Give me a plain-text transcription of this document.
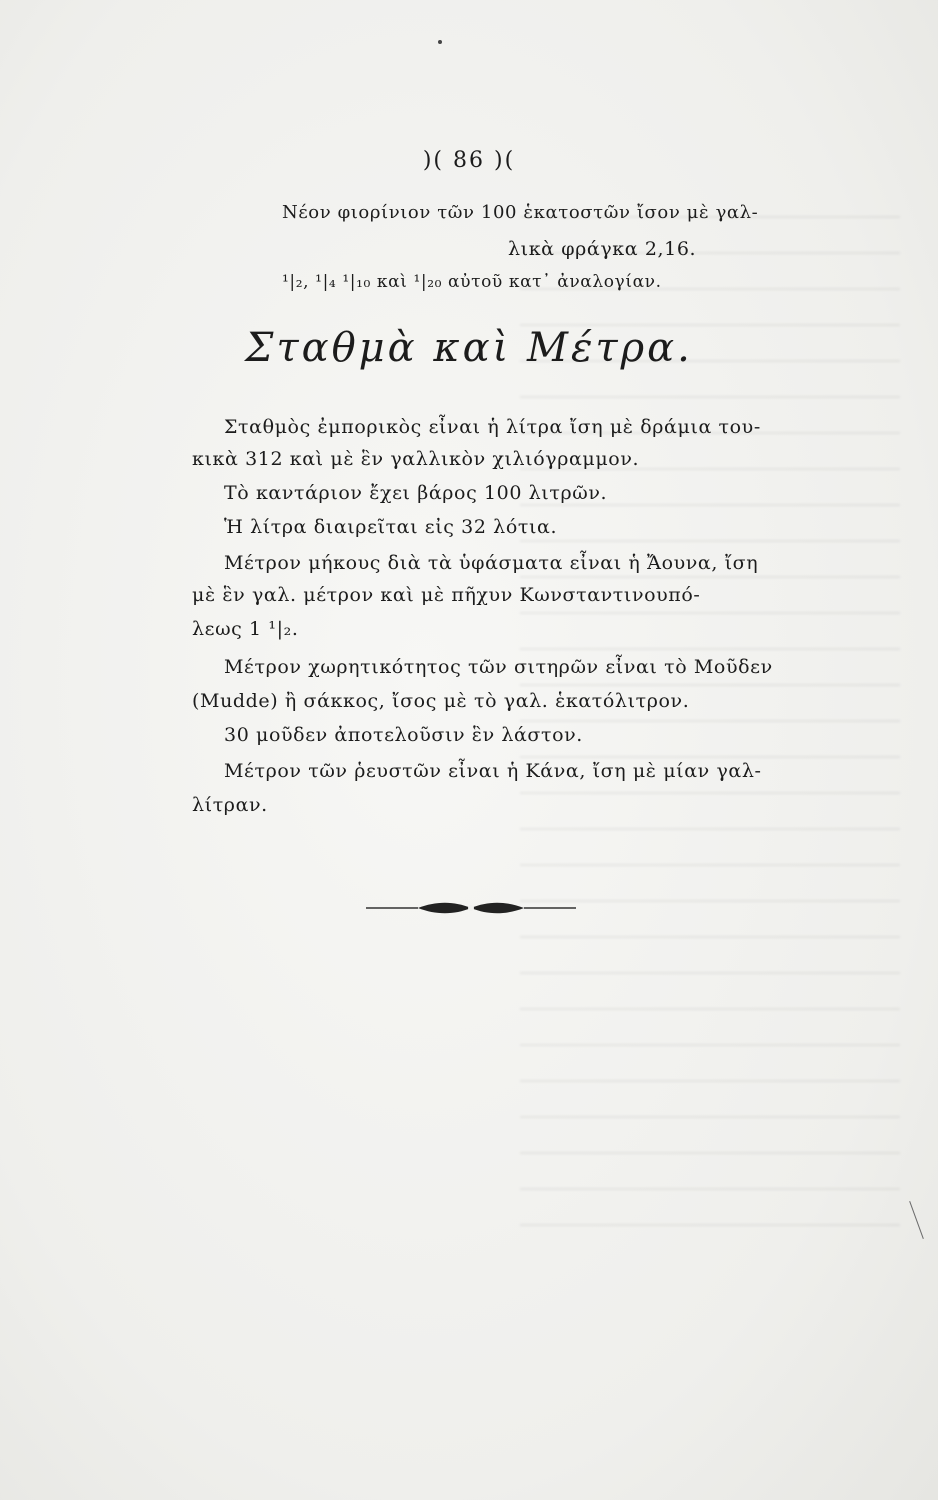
)( 86 )(
Νέον φιορίνιον τῶν 100 ἑκατοστῶν ἴσον μὲ γαλ-
λικὰ φράγκα 2,16.
¹|₂, ¹|₄ ¹|₁₀ καὶ ¹|₂₀ αὐτοῦ κατ᾽ ἀναλογίαν.
Σταθμὰ καὶ Μέτρα.
Σταθμὸς ἐμπορικὸς εἶναι ἡ λίτρα ἴση μὲ δράμια του-
κικὰ 312 καὶ μὲ ἓν γαλλικὸν χιλιόγραμμον.
Τὸ καντάριον ἔχει βάρος 100 λιτρῶν.
Ἡ λίτρα διαιρεῖται εἰς 32 λότια.
Μέτρον μήκους διὰ τὰ ὑφάσματα εἶναι ἡ Ἄουνα, ἴση
μὲ ἓν γαλ. μέτρον καὶ μὲ πῆχυν Κωνσταντινουπό-
λεως 1 ¹|₂.
Μέτρον χωρητικότητος τῶν σιτηρῶν εἶναι τὸ Μοῦδεν
(Mudde) ἢ σάκκος, ἴσος μὲ τὸ γαλ. ἑκατόλιτρον.
30 μοῦδεν ἀποτελοῦσιν ἓν λάστον.
Μέτρον τῶν ῥευστῶν εἶναι ἡ Κάνα, ἴση μὲ μίαν γαλ-
λίτραν.
